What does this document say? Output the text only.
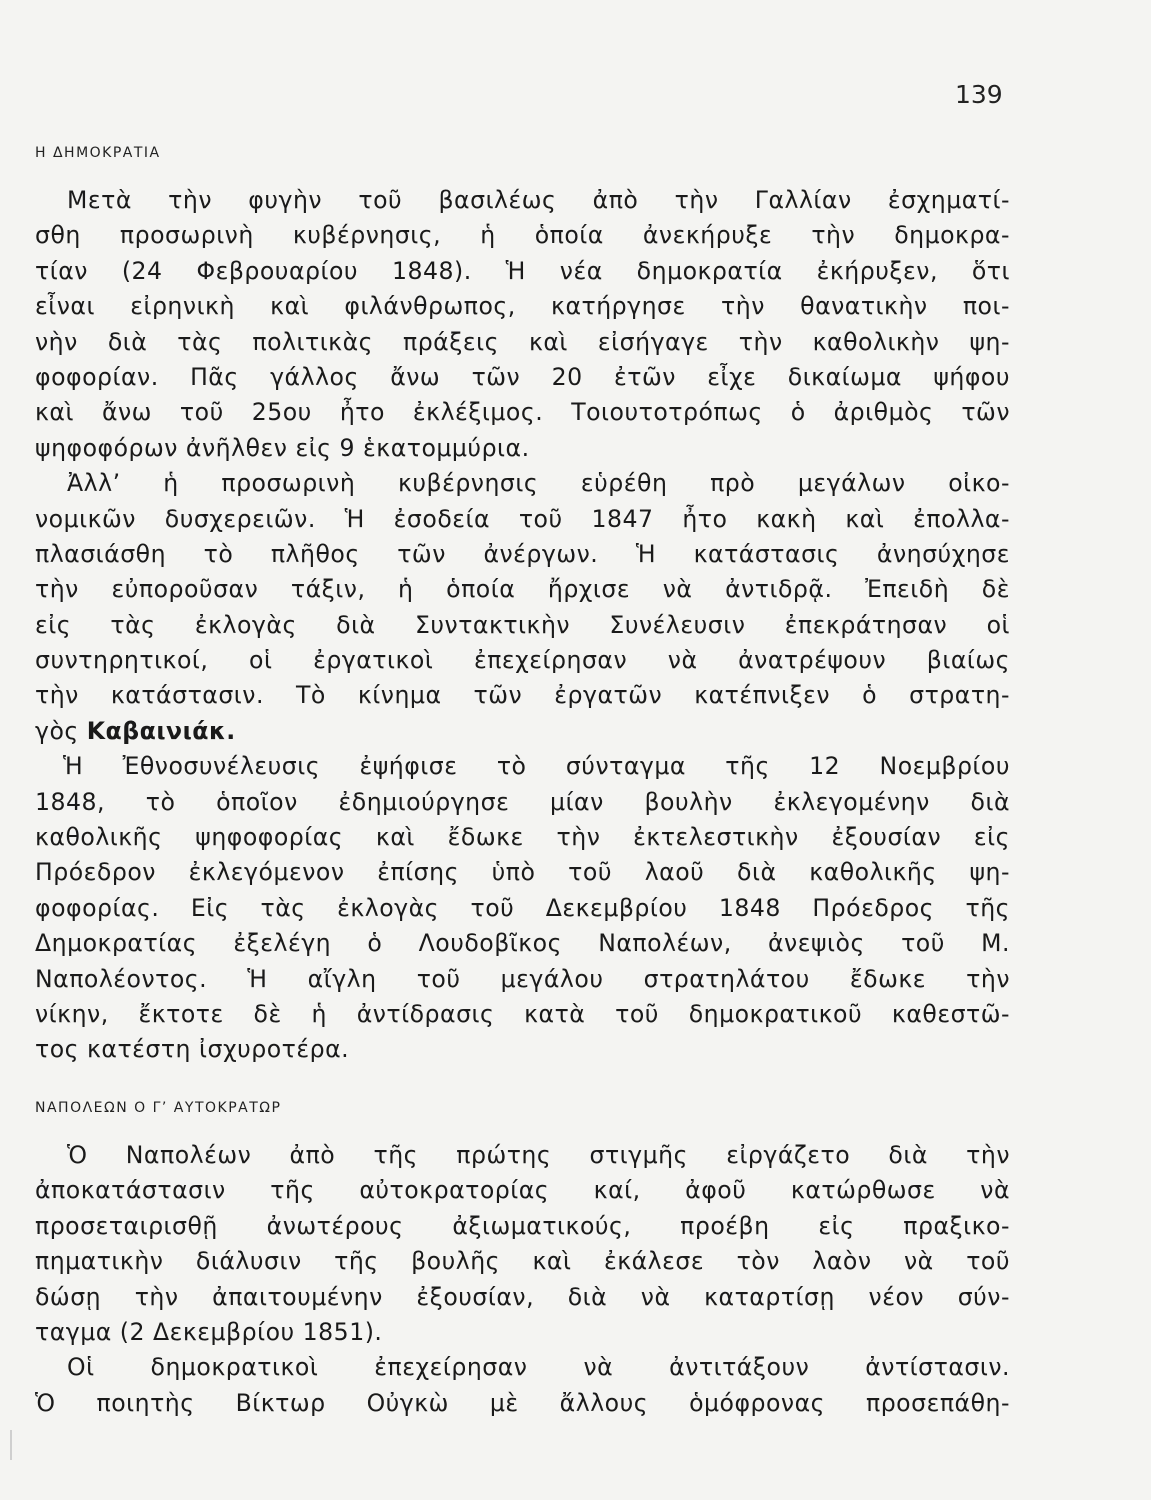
139
Η ΔΗΜΟΚΡΑΤΙΑ
Μετὰ τὴν φυγὴν τοῦ βασιλέως ἀπὸ τὴν Γαλλίαν ἐσχηματί-
σθη προσωρινὴ κυβέρνησις, ἡ ὁποία ἀνεκήρυξε τὴν δημοκρα-
τίαν (24 Φεβρουαρίου 1848). Ἡ νέα δημοκρατία ἐκήρυξεν, ὅτι
εἶναι εἰρηνικὴ καὶ φιλάνθρωπος, κατήργησε τὴν θανατικὴν ποι-
νὴν διὰ τὰς πολιτικὰς πράξεις καὶ εἰσήγαγε τὴν καθολικὴν ψη-
φοφορίαν. Πᾶς γάλλος ἄνω τῶν 20 ἐτῶν εἶχε δικαίωμα ψήφου
καὶ ἄνω τοῦ 25ου ἦτο ἐκλέξιμος. Τοιουτοτρόπως ὁ ἀριθμὸς τῶν
ψηφοφόρων ἀνῆλθεν εἰς 9 ἑκατομμύρια.
Ἀλλ’ ἡ προσωρινὴ κυβέρνησις εὑρέθη πρὸ μεγάλων οἰκο-
νομικῶν δυσχερειῶν. Ἡ ἐσοδεία τοῦ 1847 ἦτο κακὴ καὶ ἐπολλα-
πλασιάσθη τὸ πλῆθος τῶν ἀνέργων. Ἡ κατάστασις ἀνησύχησε
τὴν εὐποροῦσαν τάξιν, ἡ ὁποία ἤρχισε νὰ ἀντιδρᾷ. Ἐπειδὴ δὲ
εἰς τὰς ἐκλογὰς διὰ Συντακτικὴν Συνέλευσιν ἐπεκράτησαν οἱ
συντηρητικοί, οἱ ἐργατικοὶ ἐπεχείρησαν νὰ ἀνατρέψουν βιαίως
τὴν κατάστασιν. Τὸ κίνημα τῶν ἐργατῶν κατέπνιξεν ὁ στρατη-
γὸς Καβαινιάκ.
Ἡ Ἐθνοσυνέλευσις ἐψήφισε τὸ σύνταγμα τῆς 12 Νοεμβρίου
1848, τὸ ὁποῖον ἐδημιούργησε μίαν βουλὴν ἐκλεγομένην διὰ
καθολικῆς ψηφοφορίας καὶ ἔδωκε τὴν ἐκτελεστικὴν ἐξουσίαν εἰς
Πρόεδρον ἐκλεγόμενον ἐπίσης ὑπὸ τοῦ λαοῦ διὰ καθολικῆς ψη-
φοφορίας. Εἰς τὰς ἐκλογὰς τοῦ Δεκεμβρίου 1848 Πρόεδρος τῆς
Δημοκρατίας ἐξελέγη ὁ Λουδοβῖκος Ναπολέων, ἀνεψιὸς τοῦ Μ.
Ναπολέοντος. Ἡ αἴγλη τοῦ μεγάλου στρατηλάτου ἔδωκε τὴν
νίκην, ἔκτοτε δὲ ἡ ἀντίδρασις κατὰ τοῦ δημοκρατικοῦ καθεστῶ-
τος κατέστη ἰσχυροτέρα.
ΝΑΠΟΛΕΩΝ Ο Γ’ ΑΥΤΟΚΡΑΤΩΡ
Ὁ Ναπολέων ἀπὸ τῆς πρώτης στιγμῆς εἰργάζετο διὰ τὴν
ἀποκατάστασιν τῆς αὐτοκρατορίας καί, ἀφοῦ κατώρθωσε νὰ
προσεταιρισθῇ ἀνωτέρους ἀξιωματικούς, προέβη εἰς πραξικο-
πηματικὴν διάλυσιν τῆς βουλῆς καὶ ἐκάλεσε τὸν λαὸν νὰ τοῦ
δώσῃ τὴν ἀπαιτουμένην ἐξουσίαν, διὰ νὰ καταρτίσῃ νέον σύν-
ταγμα (2 Δεκεμβρίου 1851).
Οἱ δημοκρατικοὶ ἐπεχείρησαν νὰ ἀντιτάξουν ἀντίστασιν.
Ὁ ποιητὴς Βίκτωρ Οὐγκὼ μὲ ἄλλους ὁμόφρονας προσεπάθη-
